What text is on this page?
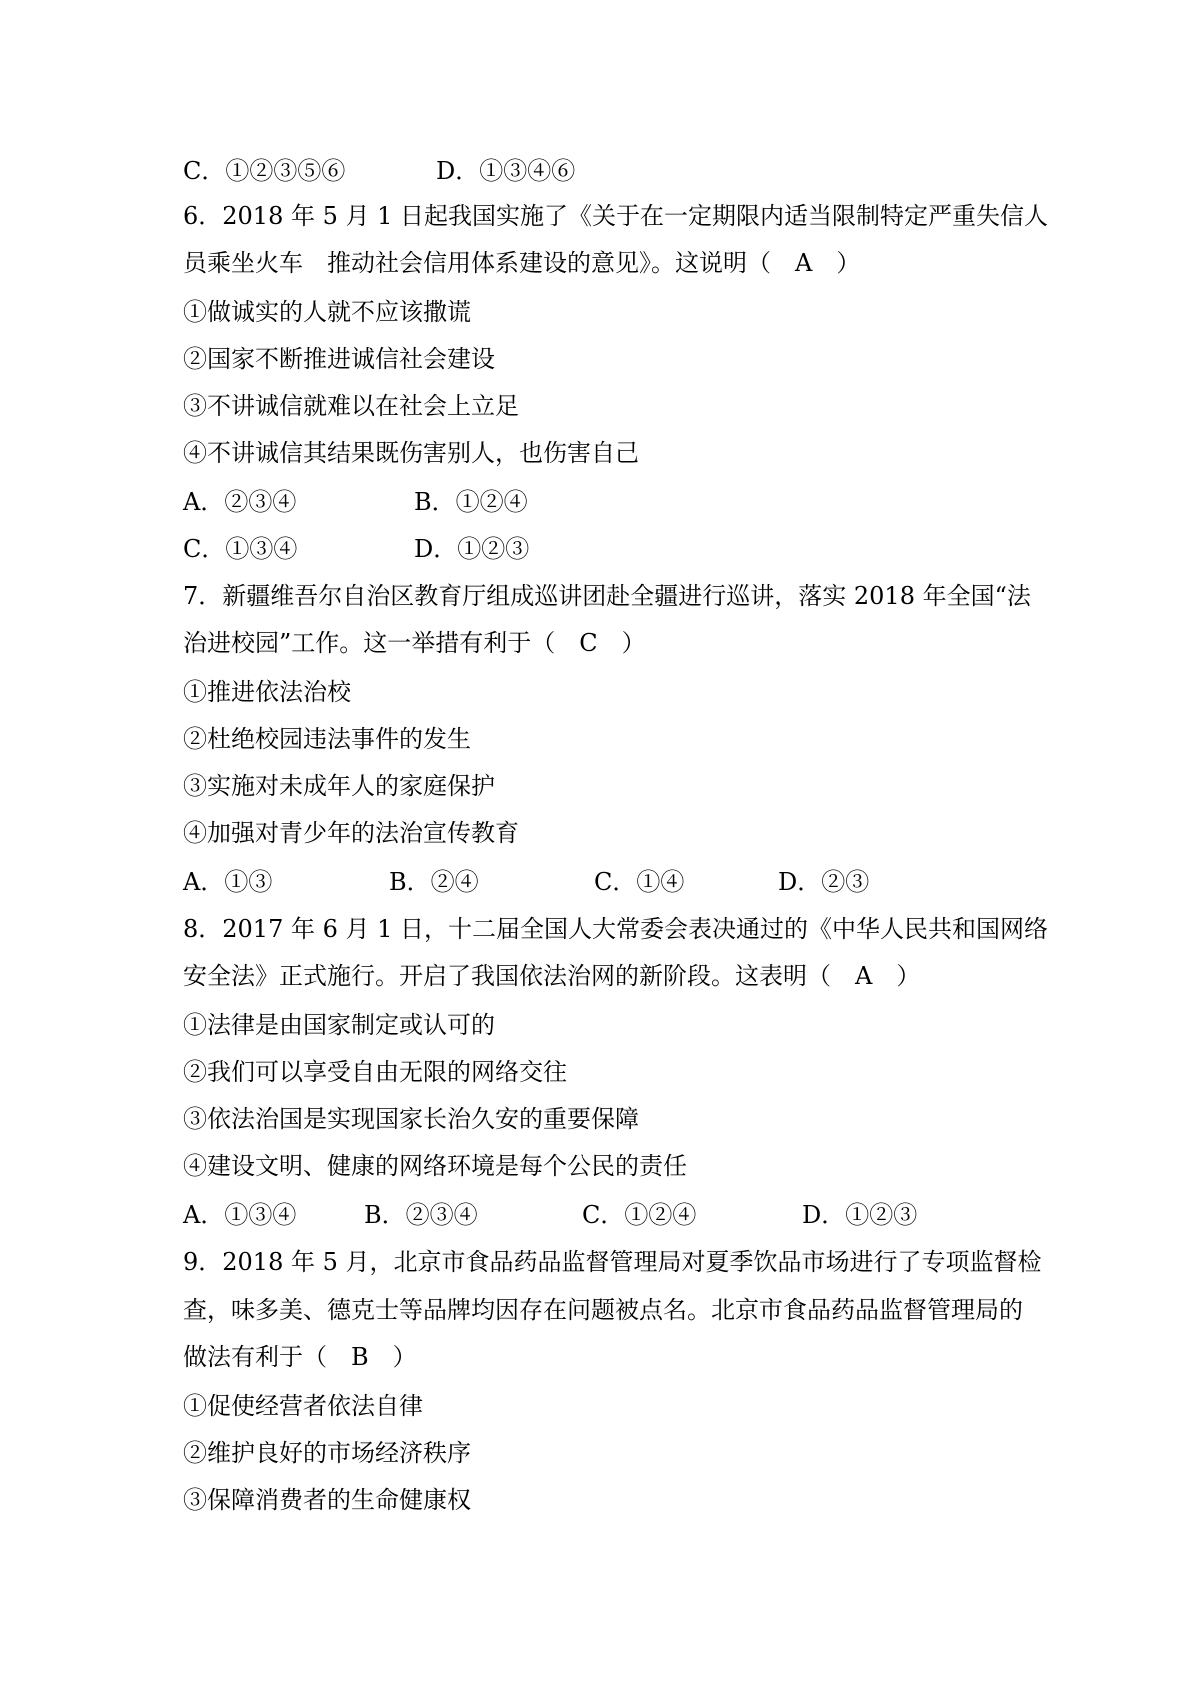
C．①②③⑤⑥	D．①③④⑥
6．2018 年 5 月 1 日起我国实施了《关于在一定期限内适当限制特定严重失信人
员乘坐火车　推动社会信用体系建设的意见》。这说明（　A　）
①做诚实的人就不应该撒谎
②国家不断推进诚信社会建设
③不讲诚信就难以在社会上立足
④不讲诚信其结果既伤害别人，也伤害自己
A．②③④	B．①②④
C．①③④	D．①②③
7．新疆维吾尔自治区教育厅组成巡讲团赴全疆进行巡讲，落实 2018 年全国“法
治进校园”工作。这一举措有利于（　C　）
①推进依法治校
②杜绝校园违法事件的发生
③实施对未成年人的家庭保护
④加强对青少年的法治宣传教育
A．①③	B．②④	C．①④	D．②③
8．2017 年 6 月 1 日，十二届全国人大常委会表决通过的《中华人民共和国网络
安全法》正式施行。开启了我国依法治网的新阶段。这表明（　A　）
①法律是由国家制定或认可的
②我们可以享受自由无限的网络交往
③依法治国是实现国家长治久安的重要保障
④建设文明、健康的网络环境是每个公民的责任
A．①③④	B．②③④	C．①②④	D．①②③
9．2018 年 5 月，北京市食品药品监督管理局对夏季饮品市场进行了专项监督检
查，味多美、德克士等品牌均因存在问题被点名。北京市食品药品监督管理局的
做法有利于（　B　）
①促使经营者依法自律
②维护良好的市场经济秩序
③保障消费者的生命健康权
